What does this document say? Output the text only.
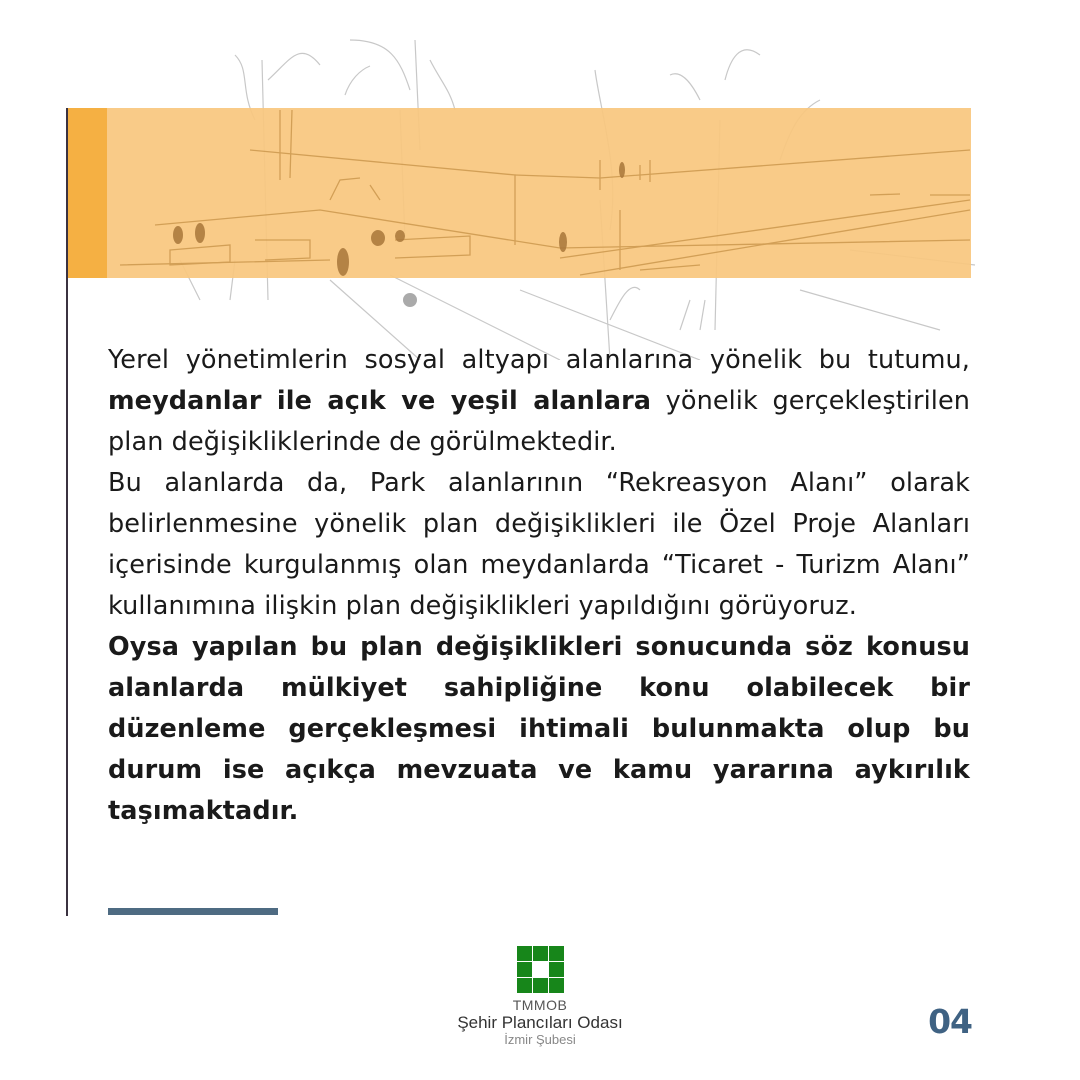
Yerel yönetimlerin sosyal altyapı alanlarına yönelik bu tutumu, meydanlar ile açık ve yeşil alanlara yönelik gerçekleştirilen plan değişikliklerinde de görülmektedir.

Bu alanlarda da, Park alanlarının “Rekreasyon Alanı” olarak belirlenmesine yönelik plan değişiklikleri ile Özel Proje Alanları içerisinde kurgulanmış olan meydanlarda “Ticaret - Turizm Alanı” kullanımına ilişkin plan değişiklikleri yapıldığını görüyoruz.

Oysa yapılan bu plan değişiklikleri sonucunda söz konusu alanlarda mülkiyet sahipliğine konu olabilecek bir düzenleme gerçekleşmesi ihtimali bulunmakta olup bu durum ise açıkça mevzuata ve kamu yararına aykırılık taşımaktadır.

TMMOB
Şehir Plancıları Odası
İzmir Şubesi	04
